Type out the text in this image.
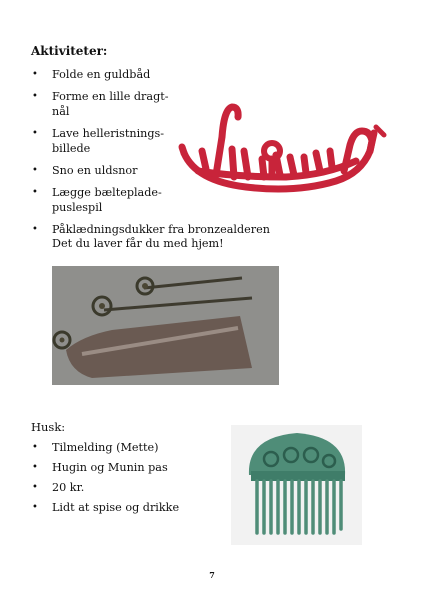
Aktiviteter:
• Folde en guldbåd
• Forme en lille dragt-nål
• Lave helleristnings-billede
• Sno en uldsnor
• Lægge bælteplade-puslespil
• Påklædningsdukker fra bronzealderen
Det du laver får du med hjem!
Husk:
• Tilmelding (Mette)
• Hugin og Munin pas
• 20 kr.
• Lidt at spise og drikke
7
